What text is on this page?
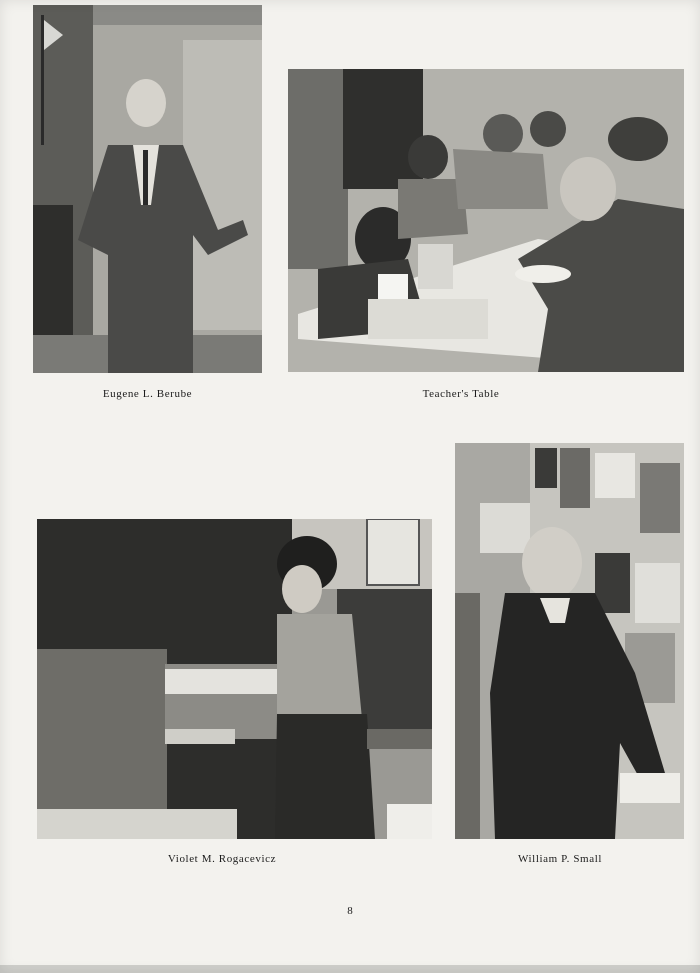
Eugene L. Berube	Teacher's Table
Violet M. Rogacevicz	William P. Small
8
